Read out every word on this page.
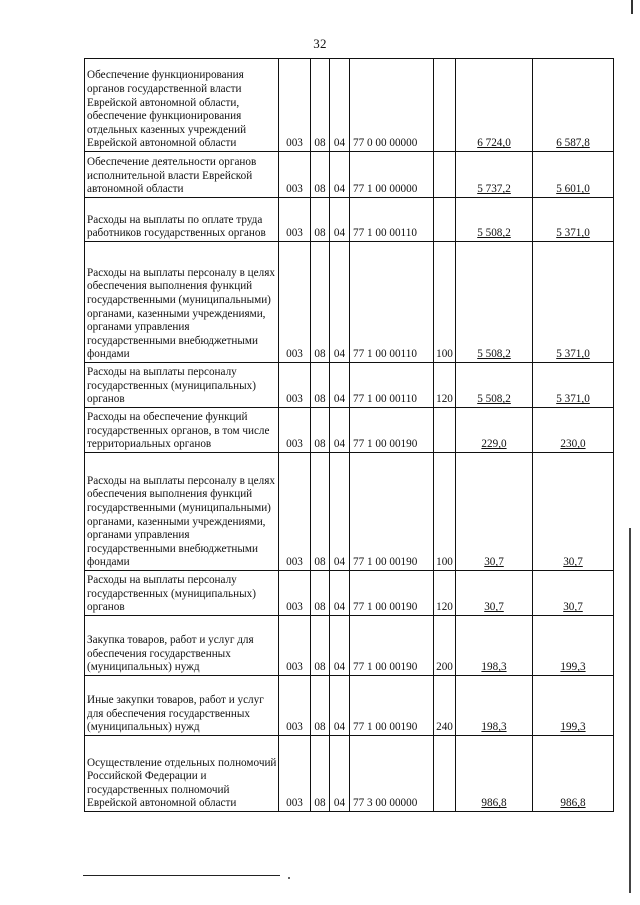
32
Обеспечение функционирования органов государственной власти Еврейской автономной области, обеспечение функционирования отдельных казенных учреждений Еврейской автономной области	003	08	04	77 0 00 00000		6 724,0	6 587,8
Обеспечение деятельности органов исполнительной власти Еврейской автономной области	003	08	04	77 1 00 00000		5 737,2	5 601,0
Расходы на выплаты по оплате труда работников государственных органов	003	08	04	77 1 00 00110		5 508,2	5 371,0
Расходы на выплаты персоналу в целях обеспечения выполнения функций государственными (муниципальными) органами, казенными учреждениями, органами управления государственными внебюджетными фондами	003	08	04	77 1 00 00110	100	5 508,2	5 371,0
Расходы на выплаты персоналу государственных (муниципальных) органов	003	08	04	77 1 00 00110	120	5 508,2	5 371,0
Расходы на обеспечение функций государственных органов, в том числе территориальных органов	003	08	04	77 1 00 00190		229,0	230,0
Расходы на выплаты персоналу в целях обеспечения выполнения функций государственными (муниципальными) органами, казенными учреждениями, органами управления государственными внебюджетными фондами	003	08	04	77 1 00 00190	100	30,7	30,7
Расходы на выплаты персоналу государственных (муниципальных) органов	003	08	04	77 1 00 00190	120	30,7	30,7
Закупка товаров, работ и услуг для обеспечения государственных (муниципальных) нужд	003	08	04	77 1 00 00190	200	198,3	199,3
Иные закупки товаров, работ и услуг для обеспечения государственных (муниципальных) нужд	003	08	04	77 1 00 00190	240	198,3	199,3
Осуществление отдельных полномочий Российской Федерации и государственных полномочий Еврейской автономной области	003	08	04	77 3 00 00000		986,8	986,8
